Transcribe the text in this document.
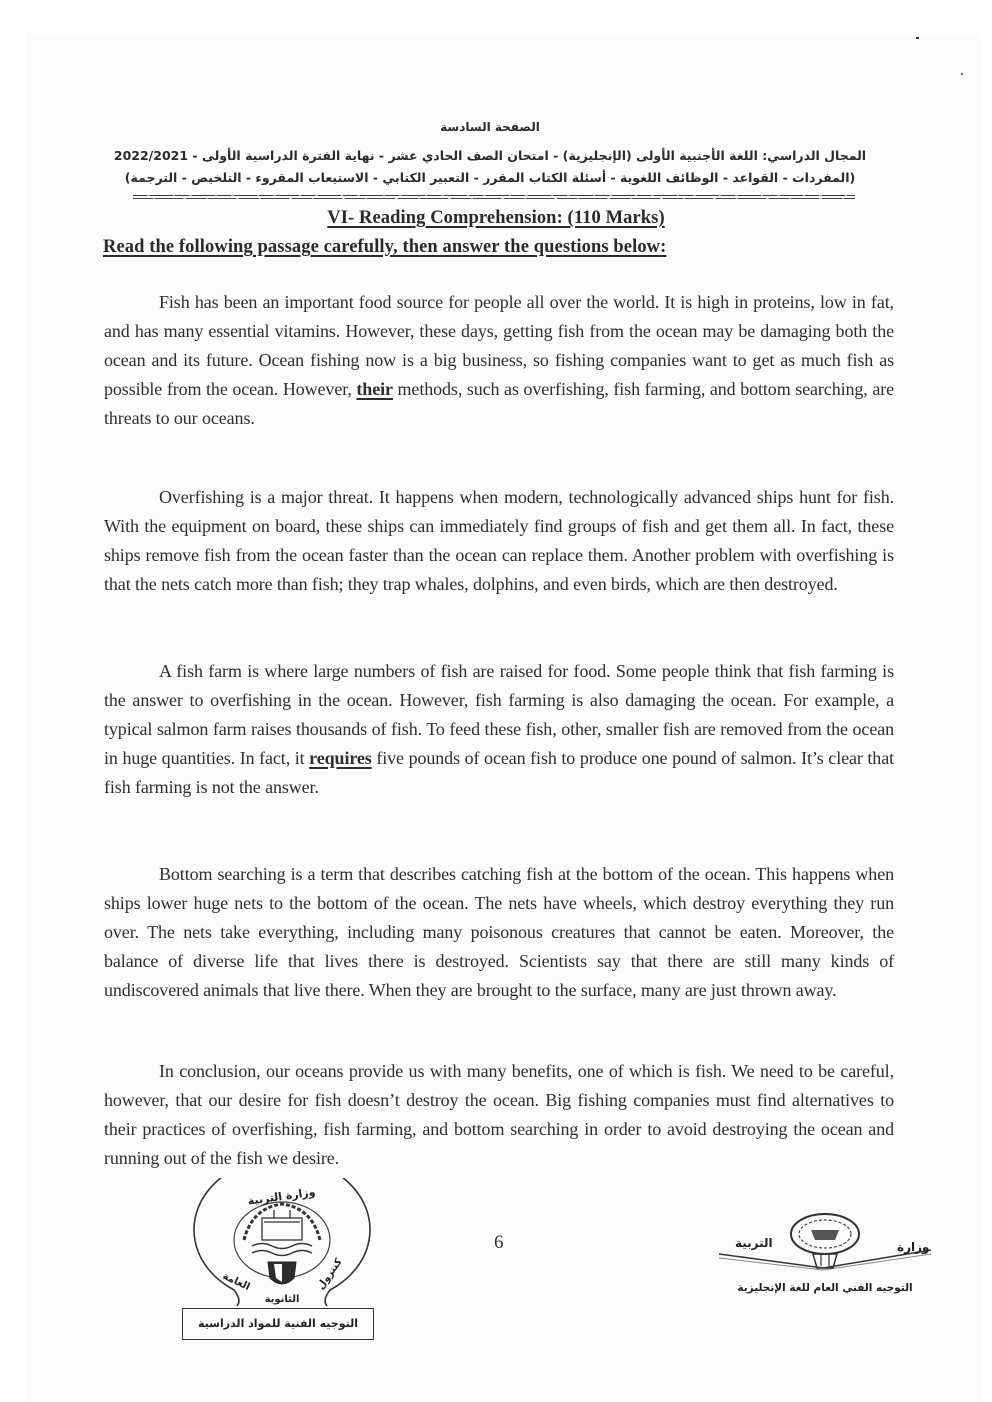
الصفحة السادسة
المجال الدراسي: اللغة الأجنبية الأولى (الإنجليزية) - امتحان الصف الحادي عشر - نهاية الفترة الدراسية الأولى - 2022/2021
(المفردات - القواعد - الوظائف اللغوية - أسئلة الكتاب المقرر - التعبير الكتابي - الاستيعاب المقروء - التلخيص - الترجمة)
VI- Reading Comprehension: (110 Marks)
Read the following passage carefully, then answer the questions below:

Fish has been an important food source for people all over the world. It is high in proteins, low in fat, and has many essential vitamins. However, these days, getting fish from the ocean may be damaging both the ocean and its future. Ocean fishing now is a big business, so fishing companies want to get as much fish as possible from the ocean. However, their methods, such as overfishing, fish farming, and bottom searching, are threats to our oceans.

Overfishing is a major threat. It happens when modern, technologically advanced ships hunt for fish. With the equipment on board, these ships can immediately find groups of fish and get them all. In fact, these ships remove fish from the ocean faster than the ocean can replace them. Another problem with overfishing is that the nets catch more than fish; they trap whales, dolphins, and even birds, which are then destroyed.

A fish farm is where large numbers of fish are raised for food. Some people think that fish farming is the answer to overfishing in the ocean. However, fish farming is also damaging the ocean. For example, a typical salmon farm raises thousands of fish. To feed these fish, other, smaller fish are removed from the ocean in huge quantities. In fact, it requires five pounds of ocean fish to produce one pound of salmon. It’s clear that fish farming is not the answer.

Bottom searching is a term that describes catching fish at the bottom of the ocean. This happens when ships lower huge nets to the bottom of the ocean. The nets have wheels, which destroy everything they run over. The nets take everything, including many poisonous creatures that cannot be eaten. Moreover, the balance of diverse life that lives there is destroyed. Scientists say that there are still many kinds of undiscovered animals that live there. When they are brought to the surface, many are just thrown away.

In conclusion, our oceans provide us with many benefits, one of which is fish. We need to be careful, however, that our desire for fish doesn’t destroy the ocean. Big fishing companies must find alternatives to their practices of overfishing, fish farming, and bottom searching in order to avoid destroying the ocean and running out of the fish we desire.

وزارة التربية
العامة	كنترول
الثانوية
التوجيه الفنية للمواد الدراسية
6	التربية	وزارة
التوجيه الفني العام للغة الإنجليزية
